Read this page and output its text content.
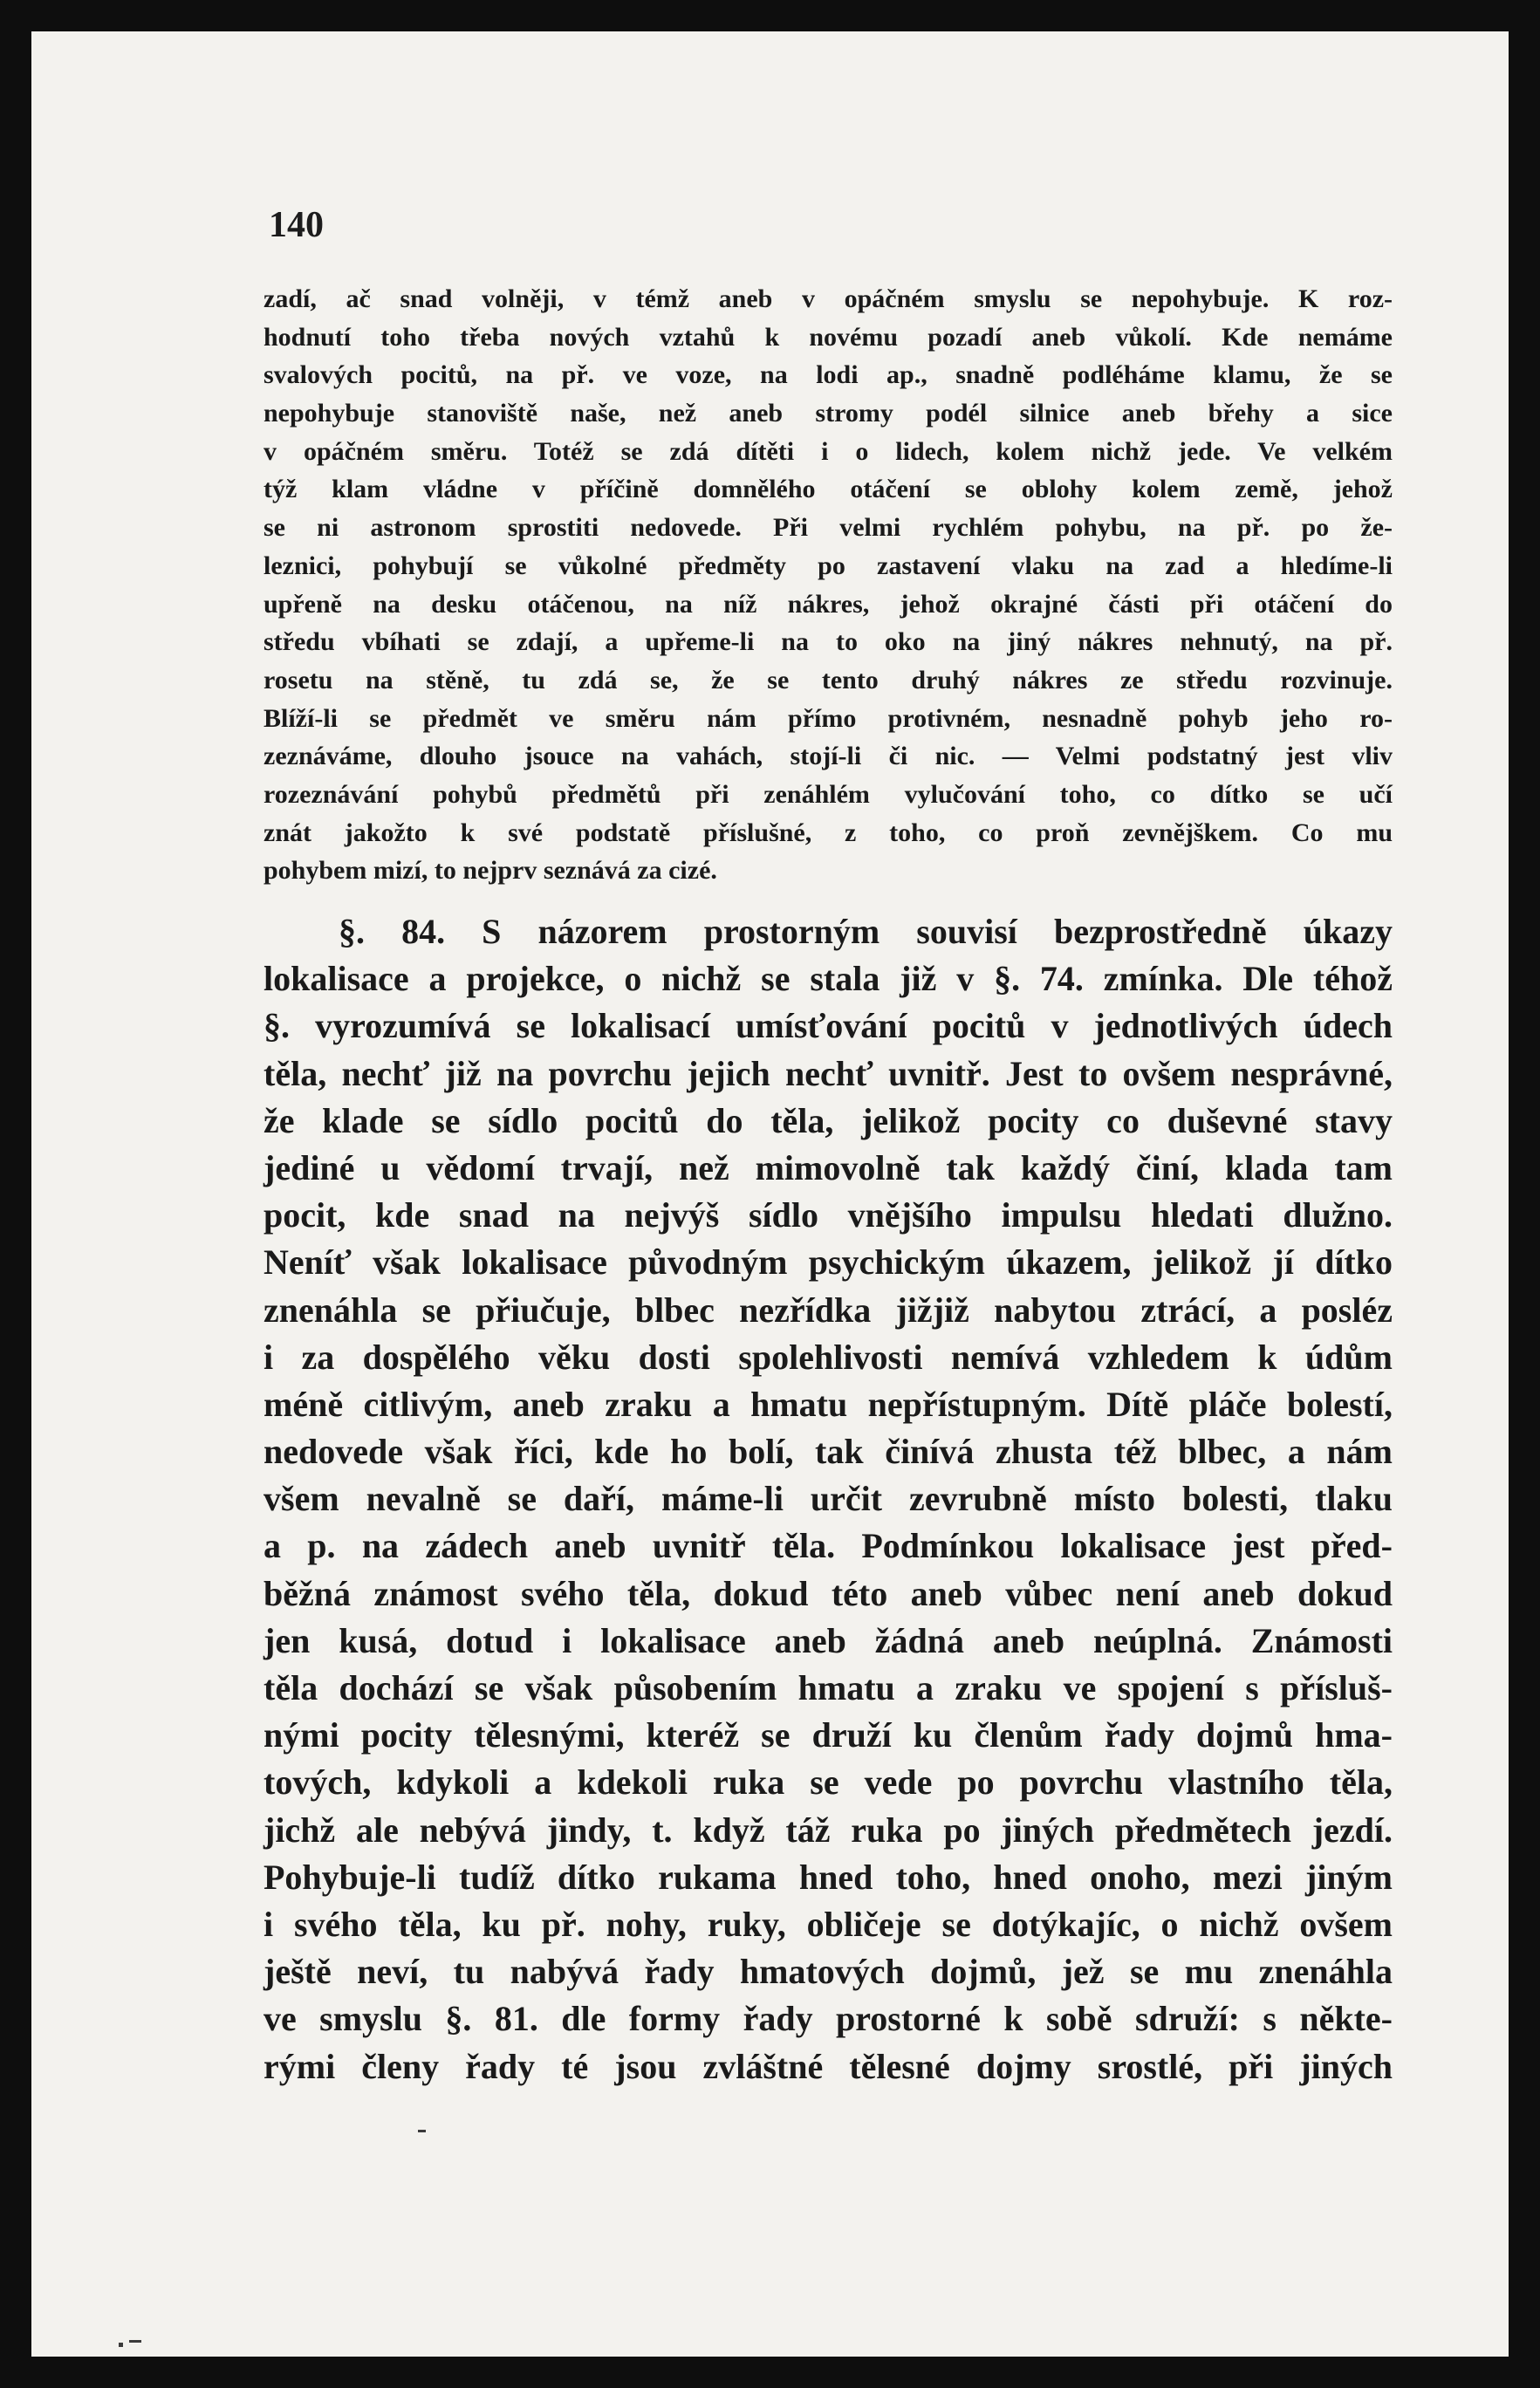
140

zadí, ač snad volněji, v témž aneb v opáčném smyslu se nepohybuje. K roz-
hodnutí toho třeba nových vztahů k novému pozadí aneb vůkolí. Kde nemáme
svalových pocitů, na př. ve voze, na lodi ap., snadně podléháme klamu, že se
nepohybuje stanoviště naše, než aneb stromy podél silnice aneb břehy a sice
v opáčném směru. Totéž se zdá dítěti i o lidech, kolem nichž jede. Ve velkém
týž klam vládne v příčině domnělého otáčení se oblohy kolem země, jehož
se ni astronom sprostiti nedovede. Při velmi rychlém pohybu, na př. po že-
leznici, pohybují se vůkolné předměty po zastavení vlaku na zad a hledíme-li
upřeně na desku otáčenou, na níž nákres, jehož okrajné části při otáčení do
středu vbíhati se zdají, a upřeme-li na to oko na jiný nákres nehnutý, na př.
rosetu na stěně, tu zdá se, že se tento druhý nákres ze středu rozvinuje.
Blíží-li se předmět ve směru nám přímo protivném, nesnadně pohyb jeho ro-
zeznáváme, dlouho jsouce na vahách, stojí-li či nic. — Velmi podstatný jest vliv
rozeznávání pohybů předmětů při zenáhlém vylučování toho, co dítko se učí
znát jakožto k své podstatě příslušné, z toho, co proň zevnějškem. Co mu
pohybem mizí, to nejprv seznává za cizé.
§. 84. S názorem prostorným souvisí bezprostředně úkazy
lokalisace a projekce, o nichž se stala již v §. 74. zmínka. Dle téhož
§. vyrozumívá se lokalisací umísťování pocitů v jednotlivých údech
těla, nechť již na povrchu jejich nechť uvnitř. Jest to ovšem nesprávné,
že klade se sídlo pocitů do těla, jelikož pocity co duševné stavy
jediné u vědomí trvají, než mimovolně tak každý činí, klada tam
pocit, kde snad na nejvýš sídlo vnějšího impulsu hledati dlužno.
Neníť však lokalisace původným psychickým úkazem, jelikož jí dítko
znenáhla se přiučuje, blbec nezřídka jižjiž nabytou ztrácí, a posléz
i za dospělého věku dosti spolehlivosti nemívá vzhledem k údům
méně citlivým, aneb zraku a hmatu nepřístupným. Dítě pláče bolestí,
nedovede však říci, kde ho bolí, tak činívá zhusta též blbec, a nám
všem nevalně se daří, máme-li určit zevrubně místo bolesti, tlaku
a p. na zádech aneb uvnitř těla. Podmínkou lokalisace jest před-
běžná známost svého těla, dokud této aneb vůbec není aneb dokud
jen kusá, dotud i lokalisace aneb žádná aneb neúplná. Známosti
těla dochází se však působením hmatu a zraku ve spojení s přísluš-
nými pocity tělesnými, kteréž se druží ku členům řady dojmů hma-
tových, kdykoli a kdekoli ruka se vede po povrchu vlastního těla,
jichž ale nebývá jindy, t. když táž ruka po jiných předmětech jezdí.
Pohybuje-li tudíž dítko rukama hned toho, hned onoho, mezi jiným
i svého těla, ku př. nohy, ruky, obličeje se dotýkajíc, o nichž ovšem
ještě neví, tu nabývá řady hmatových dojmů, jež se mu znenáhla
ve smyslu §. 81. dle formy řady prostorné k sobě sdruží: s někte-
rými členy řady té jsou zvláštné tělesné dojmy srostlé, při jiných
